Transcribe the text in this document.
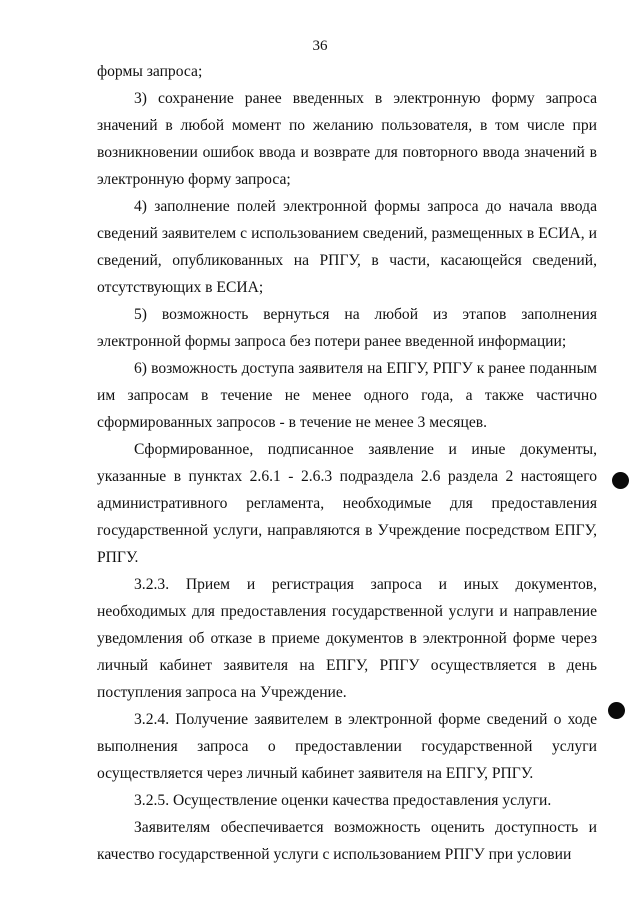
36

формы запроса;

3) сохранение ранее введенных в электронную форму запроса значений в любой момент по желанию пользователя, в том числе при возникновении ошибок ввода и возврате для повторного ввода значений в электронную форму запроса;

4) заполнение полей электронной формы запроса до начала ввода сведений заявителем с использованием сведений, размещенных в ЕСИА, и сведений, опубликованных на РПГУ, в части, касающейся сведений, отсутствующих в ЕСИА;

5) возможность вернуться на любой из этапов заполнения электронной формы запроса без потери ранее введенной информации;

6) возможность доступа заявителя на ЕПГУ, РПГУ к ранее поданным им запросам в течение не менее одного года, а также частично сформированных запросов - в течение не менее 3 месяцев.

Сформированное, подписанное заявление и иные документы, указанные в пунктах 2.6.1 - 2.6.3 подраздела 2.6 раздела 2 настоящего административного регламента, необходимые для предоставления государственной услуги, направляются в Учреждение посредством ЕПГУ, РПГУ.

3.2.3. Прием и регистрация запроса и иных документов, необходимых для предоставления государственной услуги и направление уведомления об отказе в приеме документов в электронной форме через личный кабинет заявителя на ЕПГУ, РПГУ осуществляется в день поступления запроса на Учреждение.

3.2.4. Получение заявителем в электронной форме сведений о ходе выполнения запроса о предоставлении государственной услуги осуществляется через личный кабинет заявителя на ЕПГУ, РПГУ.

3.2.5. Осуществление оценки качества предоставления услуги.

Заявителям обеспечивается возможность оценить доступность и качество государственной услуги с использованием РПГУ при условии
